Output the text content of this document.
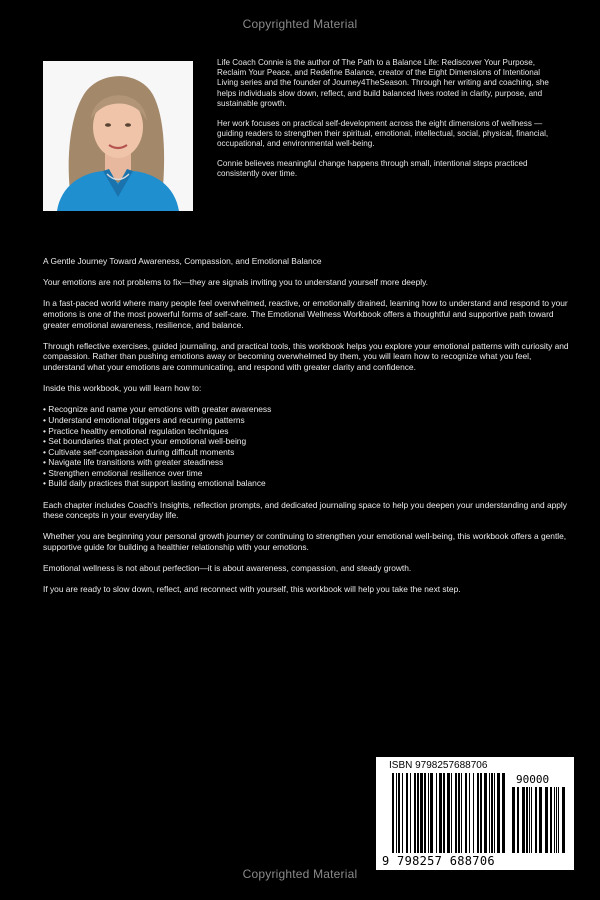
Copyrighted Material

Life Coach Connie is the author of The Path to a Balance Life: Rediscover Your Purpose, Reclaim Your Peace, and Redefine Balance, creator of the Eight Dimensions of Intentional Living series and the founder of Journey4TheSeason. Through her writing and coaching, she helps individuals slow down, reflect, and build balanced lives rooted in clarity, purpose, and sustainable growth.

Her work focuses on practical self-development across the eight dimensions of wellness — guiding readers to strengthen their spiritual, emotional, intellectual, social, physical, financial, occupational, and environmental well-being.

Connie believes meaningful change happens through small, intentional steps practiced consistently over time.

A Gentle Journey Toward Awareness, Compassion, and Emotional Balance

Your emotions are not problems to fix—they are signals inviting you to understand yourself more deeply.

In a fast-paced world where many people feel overwhelmed, reactive, or emotionally drained, learning how to understand and respond to your emotions is one of the most powerful forms of self-care. The Emotional Wellness Workbook offers a thoughtful and supportive path toward greater emotional awareness, resilience, and balance.

Through reflective exercises, guided journaling, and practical tools, this workbook helps you explore your emotional patterns with curiosity and compassion. Rather than pushing emotions away or becoming overwhelmed by them, you will learn how to recognize what you feel, understand what your emotions are communicating, and respond with greater clarity and confidence.

Inside this workbook, you will learn how to:

• Recognize and name your emotions with greater awareness
• Understand emotional triggers and recurring patterns
• Practice healthy emotional regulation techniques
• Set boundaries that protect your emotional well-being
• Cultivate self-compassion during difficult moments
• Navigate life transitions with greater steadiness
• Strengthen emotional resilience over time
• Build daily practices that support lasting emotional balance

Each chapter includes Coach's Insights, reflection prompts, and dedicated journaling space to help you deepen your understanding and apply these concepts in your everyday life.

Whether you are beginning your personal growth journey or continuing to strengthen your emotional well-being, this workbook offers a gentle, supportive guide for building a healthier relationship with your emotions.

Emotional wellness is not about perfection—it is about awareness, compassion, and steady growth.

If you are ready to slow down, reflect, and reconnect with yourself, this workbook will help you take the next step.

ISBN 9798257688706
90000
9 798257 688706
Copyrighted Material
